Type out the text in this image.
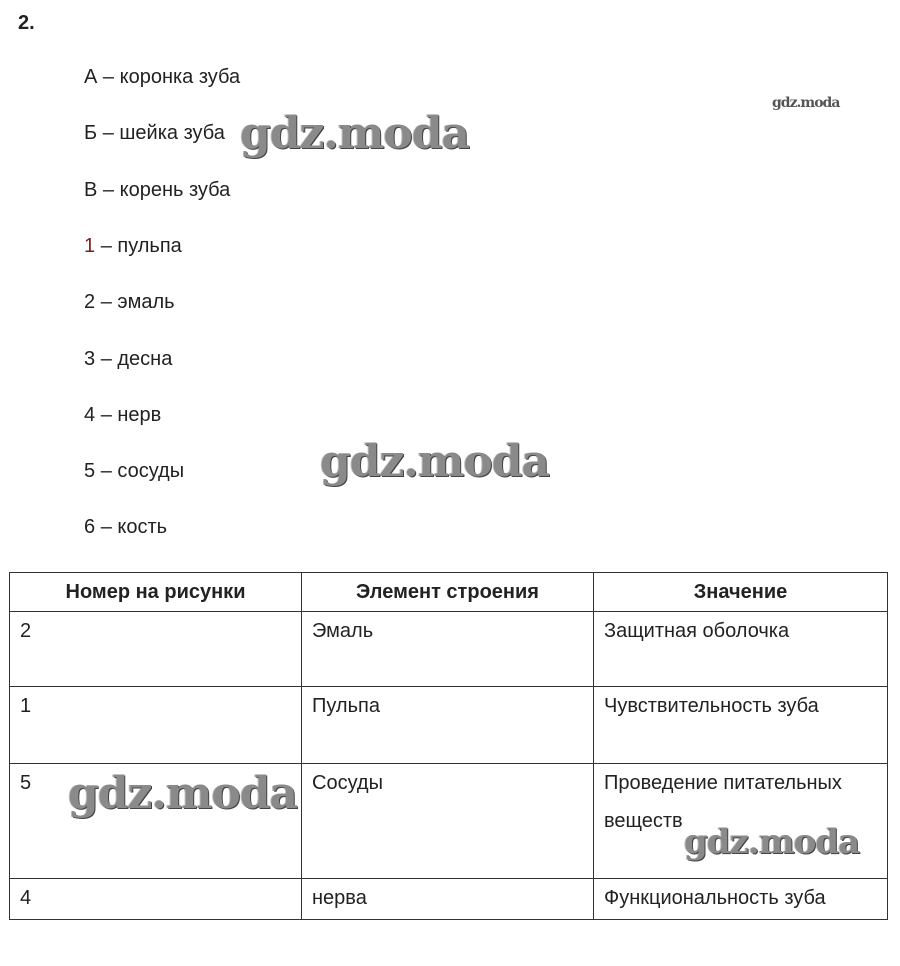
2.
А – коронка зуба
Б – шейка зуба
В – корень зуба
1 – пульпа
2 – эмаль
3 – десна
4 – нерв
5 – сосуды
6 – кость
Номер на рисунки	Элемент строения	Значение
2	Эмаль	Защитная оболочка
1	Пульпа	Чувствительность зуба
5	Сосуды	Проведение питательных веществ
4	нерва	Функциональность зуба
gdz.moda
gdz.moda
gdz.moda
gdz.moda
gdz.moda
